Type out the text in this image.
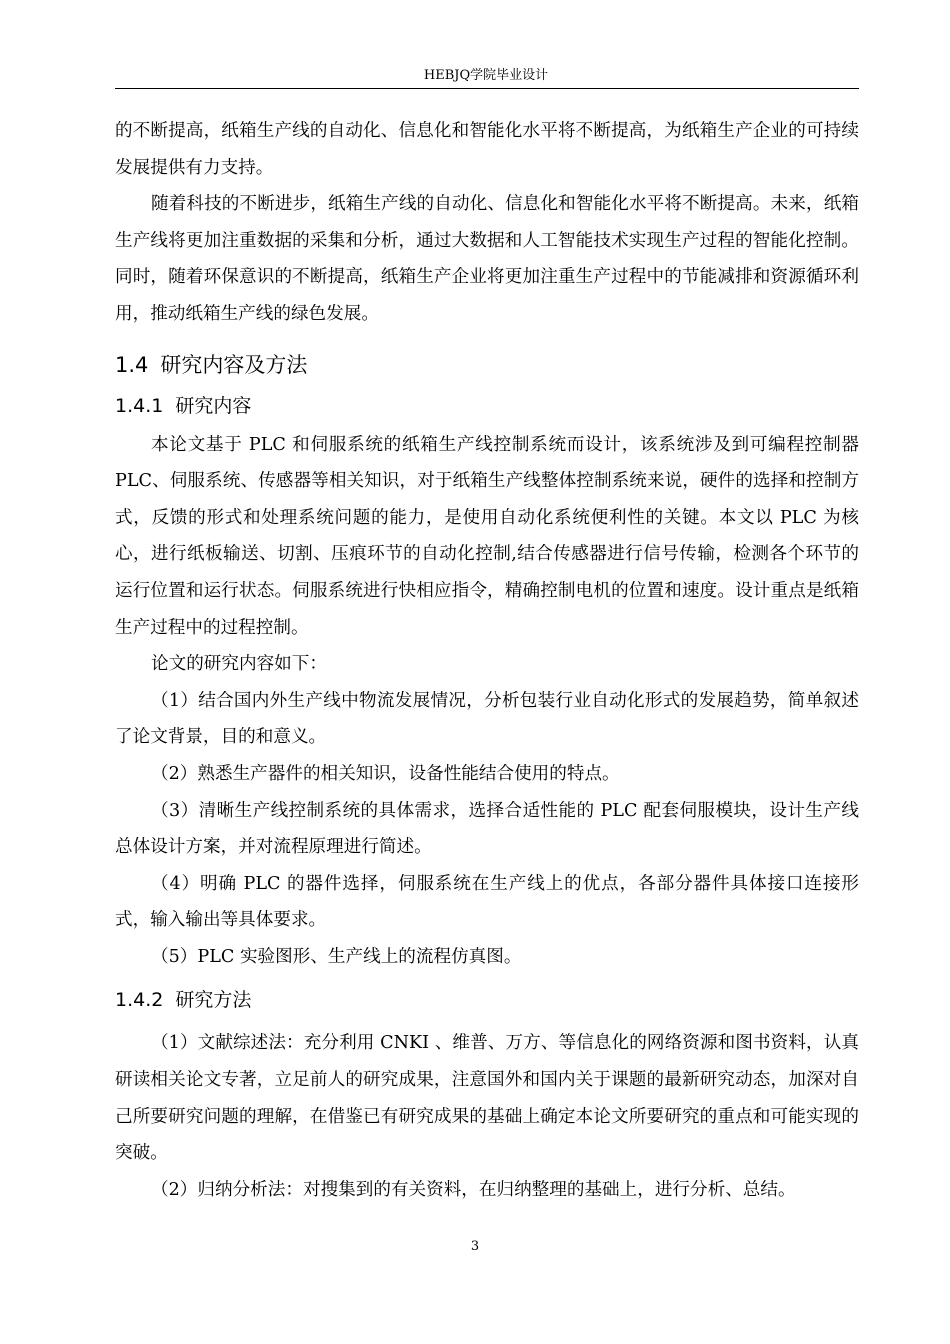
HEBJQ学院毕业设计

的不断提高，纸箱生产线的自动化、信息化和智能化水平将不断提高，为纸箱生产企业的可持续发展提供有力支持。

随着科技的不断进步，纸箱生产线的自动化、信息化和智能化水平将不断提高。未来，纸箱生产线将更加注重数据的采集和分析，通过大数据和人工智能技术实现生产过程的智能化控制。同时，随着环保意识的不断提高，纸箱生产企业将更加注重生产过程中的节能减排和资源循环利用，推动纸箱生产线的绿色发展。

1.4 研究内容及方法
1.4.1 研究内容

本论文基于 PLC 和伺服系统的纸箱生产线控制系统而设计，该系统涉及到可编程控制器 PLC、伺服系统、传感器等相关知识，对于纸箱生产线整体控制系统来说，硬件的选择和控制方式，反馈的形式和处理系统问题的能力，是使用自动化系统便利性的关键。本文以 PLC 为核心，进行纸板输送、切割、压痕环节的自动化控制,结合传感器进行信号传输，检测各个环节的运行位置和运行状态。伺服系统进行快相应指令，精确控制电机的位置和速度。设计重点是纸箱生产过程中的过程控制。

论文的研究内容如下：

（1）结合国内外生产线中物流发展情况，分析包装行业自动化形式的发展趋势，简单叙述了论文背景，目的和意义。

（2）熟悉生产器件的相关知识，设备性能结合使用的特点。

（3）清晰生产线控制系统的具体需求，选择合适性能的 PLC 配套伺服模块，设计生产线总体设计方案，并对流程原理进行简述。

（4）明确 PLC 的器件选择，伺服系统在生产线上的优点，各部分器件具体接口连接形式，输入输出等具体要求。

（5）PLC 实验图形、生产线上的流程仿真图。

1.4.2 研究方法

（1）文献综述法：充分利用 CNKI 、维普、万方、等信息化的网络资源和图书资料，认真研读相关论文专著，立足前人的研究成果，注意国外和国内关于课题的最新研究动态，加深对自己所要研究问题的理解，在借鉴已有研究成果的基础上确定本论文所要研究的重点和可能实现的突破。

（2）归纳分析法：对搜集到的有关资料，在归纳整理的基础上，进行分析、总结。

3
